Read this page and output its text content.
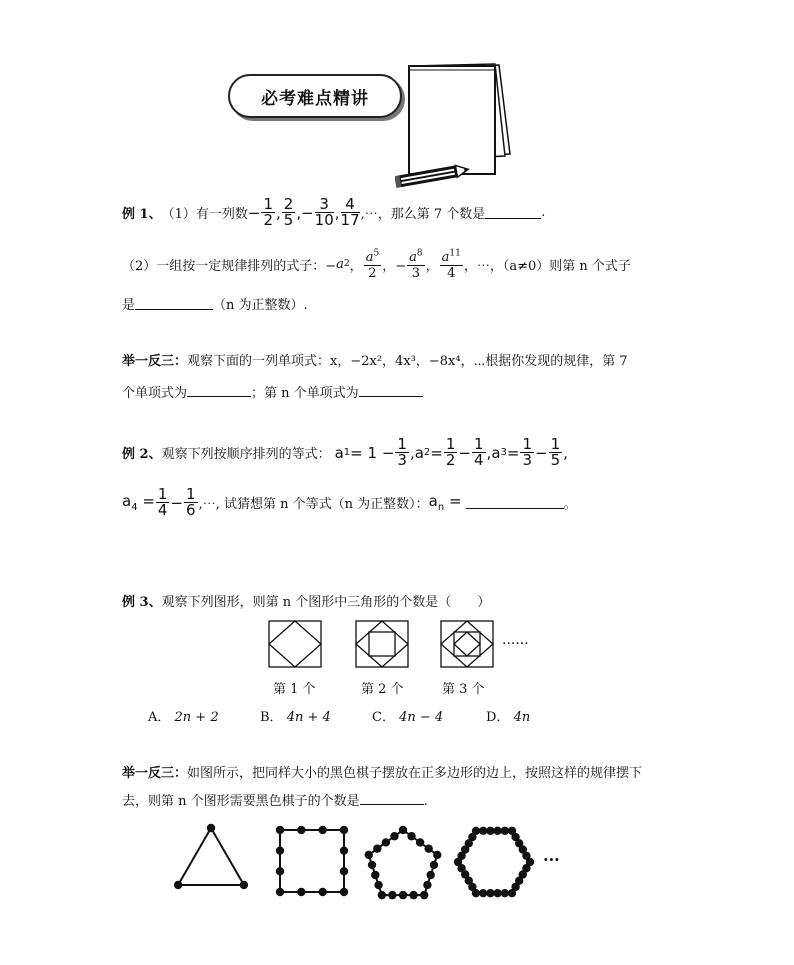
必考难点精讲
例 1、 （1）有一列数 − $\frac{1}{2}$ , $\frac{2}{5}$ ,− $\frac{3}{10}$ , $\frac{4}{17}$ ,⋯，那么第 7 个数是	.
（2）一组按一定规律排列的式子：− a 2 ， $\frac{a^5}{2}$ ，− $\frac{a^8}{3}$ ， $\frac{a^{11}}{4}$ ，⋯，（a≠0）则第 n 个式子
是	（n 为正整数）.
举一反三：观察下面的一列单项式：x，−2x²，4x³，−8x⁴，⋯根据你发现的规律，第 7
个单项式为	；第 n 个单项式为
例 2、 观察下列按顺序排列的等式： a $1 = 1 - \frac{1}{3}$ , a $2 = \frac{1}{2} - \frac{1}{4}$ , a $3 = \frac{1}{3} - \frac{1}{5}$ ,
$a_4 = \frac{1}{4} - \frac{1}{6}$ ,⋯, 试猜想第 n 个等式（n 为正整数）： $a_n$ =	。
例 3、观察下列图形，则第 n 个图形中三角形的个数是（　　）
······
第 1 个	第 2 个	第 3 个
A． 2n + 2	B． 4n + 4	C． 4n − 4	D． 4n
举一反三：如图所示，把同样大小的黑色棋子摆放在正多边形的边上，按照这样的规律摆下
去，则第 n 个图形需要黑色棋子的个数是	.
···
